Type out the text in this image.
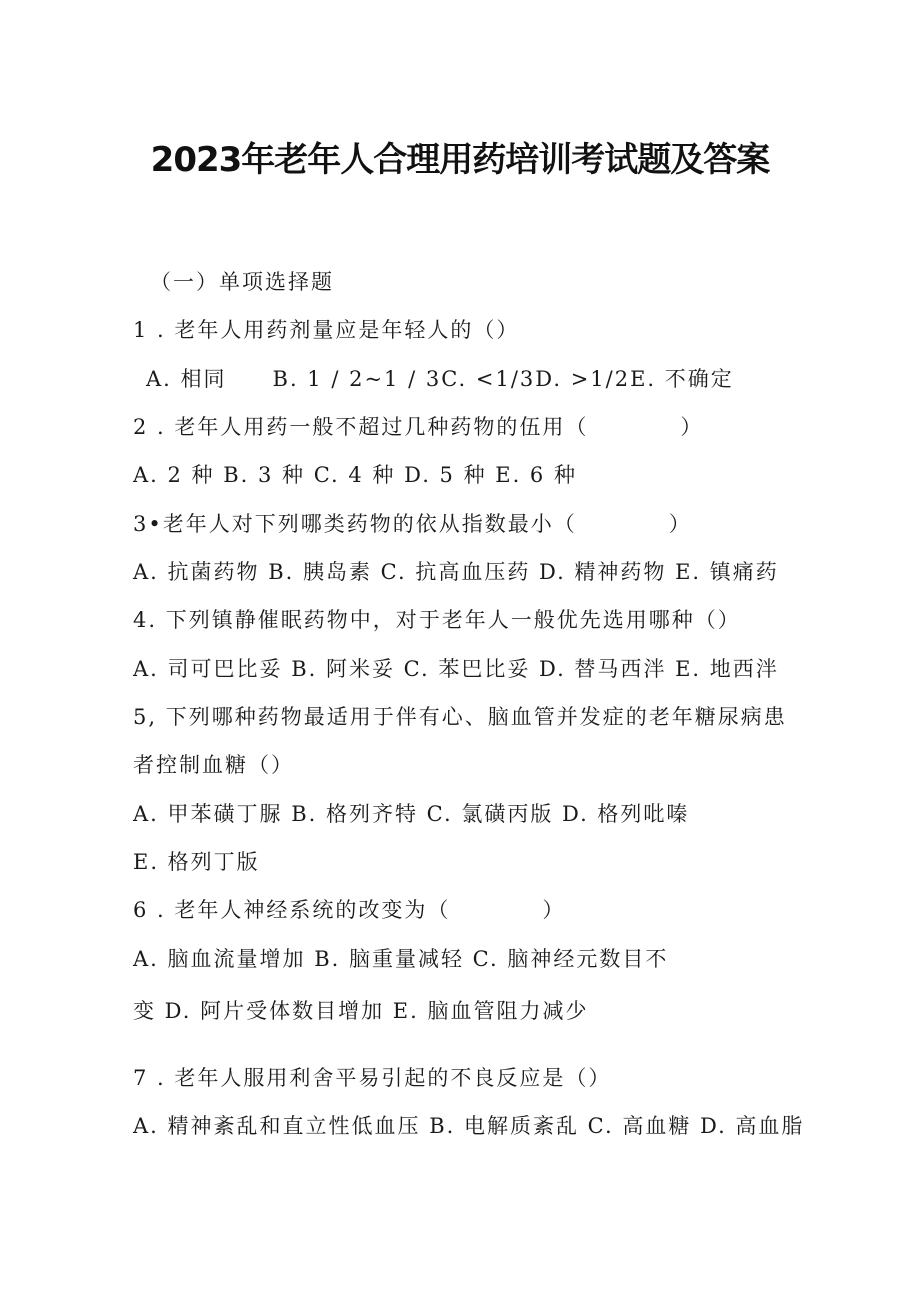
2023年老年人合理用药培训考试题及答案
（一）单项选择题
1 . 老年人用药剂量应是年轻人的（）
A. 相同　　B. 1 / 2~1 / 3C. <1/3D. >1/2E. 不确定
2 . 老年人用药一般不超过几种药物的伍用（　　　　）
A. 2 种 B. 3 种 C. 4 种 D. 5 种 E. 6 种
3•老年人对下列哪类药物的依从指数最小（　　　　）
A. 抗菌药物 B. 胰岛素 C. 抗高血压药 D. 精神药物 E. 镇痛药
4. 下列镇静催眠药物中，对于老年人一般优先选用哪种（）
A. 司可巴比妥 B. 阿米妥 C. 苯巴比妥 D. 替马西泮 E. 地西泮
5, 下列哪种药物最适用于伴有心、脑血管并发症的老年糖尿病患
者控制血糖（）
A. 甲苯磺丁脲 B. 格列齐特 C. 氯磺丙版 D. 格列吡嗪
E. 格列丁版
6 . 老年人神经系统的改变为（　　　　）
A. 脑血流量增加 B. 脑重量减轻 C. 脑神经元数目不
变 D. 阿片受体数目增加 E. 脑血管阻力减少
7 . 老年人服用利舍平易引起的不良反应是（）
A. 精神紊乱和直立性低血压 B. 电解质紊乱 C. 高血糖 D. 高血脂
